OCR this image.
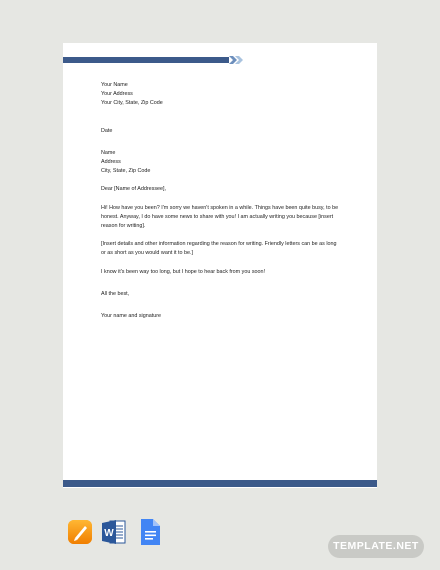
Your Name

Your Address

Your City, State, Zip Code

Date

Name

Address

City, State, Zip Code

Dear [Name of Addressee],

Hi! How have you been? I'm sorry we haven't spoken in a while. Things have been quite busy, to be

honest. Anyway, I do have some news to share with you! I am actually writing you because [insert

reason for writing].

[Insert details and other information regarding the reason for writing. Friendly letters can be as long

or as short as you would want it to be.]

I know it's been way too long, but I hope to hear back from you soon!

All the best,

Your name and signature

W
TEMPLATE.NET
